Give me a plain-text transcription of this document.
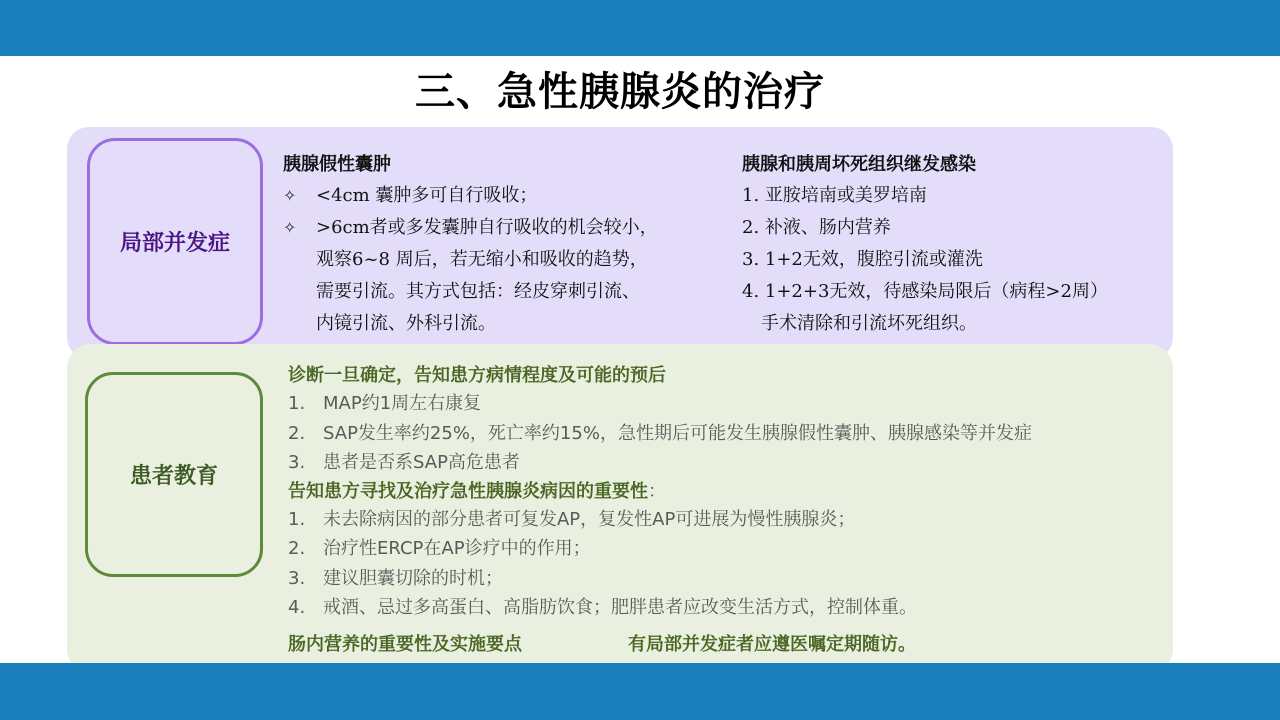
三、急性胰腺炎的治疗
局部并发症
胰腺假性囊肿
✧ <4cm 囊肿多可自行吸收；
✧ >6cm者或多发囊肿自行吸收的机会较小，
观察6~8 周后，若无缩小和吸收的趋势，
需要引流。其方式包括：经皮穿刺引流、
内镜引流、外科引流。
胰腺和胰周坏死组织继发感染
1. 亚胺培南或美罗培南
2. 补液、肠内营养
3. 1+2无效，腹腔引流或灌洗
4. 1+2+3无效，待感染局限后（病程>2周）
手术清除和引流坏死组织。
患者教育
诊断一旦确定，告知患方病情程度及可能的预后
1. MAP约1周左右康复
2. SAP发生率约25%，死亡率约15%，急性期后可能发生胰腺假性囊肿、胰腺感染等并发症
3. 患者是否系SAP高危患者
告知患方寻找及治疗急性胰腺炎病因的重要性：
1. 未去除病因的部分患者可复发AP，复发性AP可进展为慢性胰腺炎；
2. 治疗性ERCP在AP诊疗中的作用；
3. 建议胆囊切除的时机；
4. 戒酒、忌过多高蛋白、高脂肪饮食；肥胖患者应改变生活方式，控制体重。
肠内营养的重要性及实施要点	有局部并发症者应遵医嘱定期随访。
